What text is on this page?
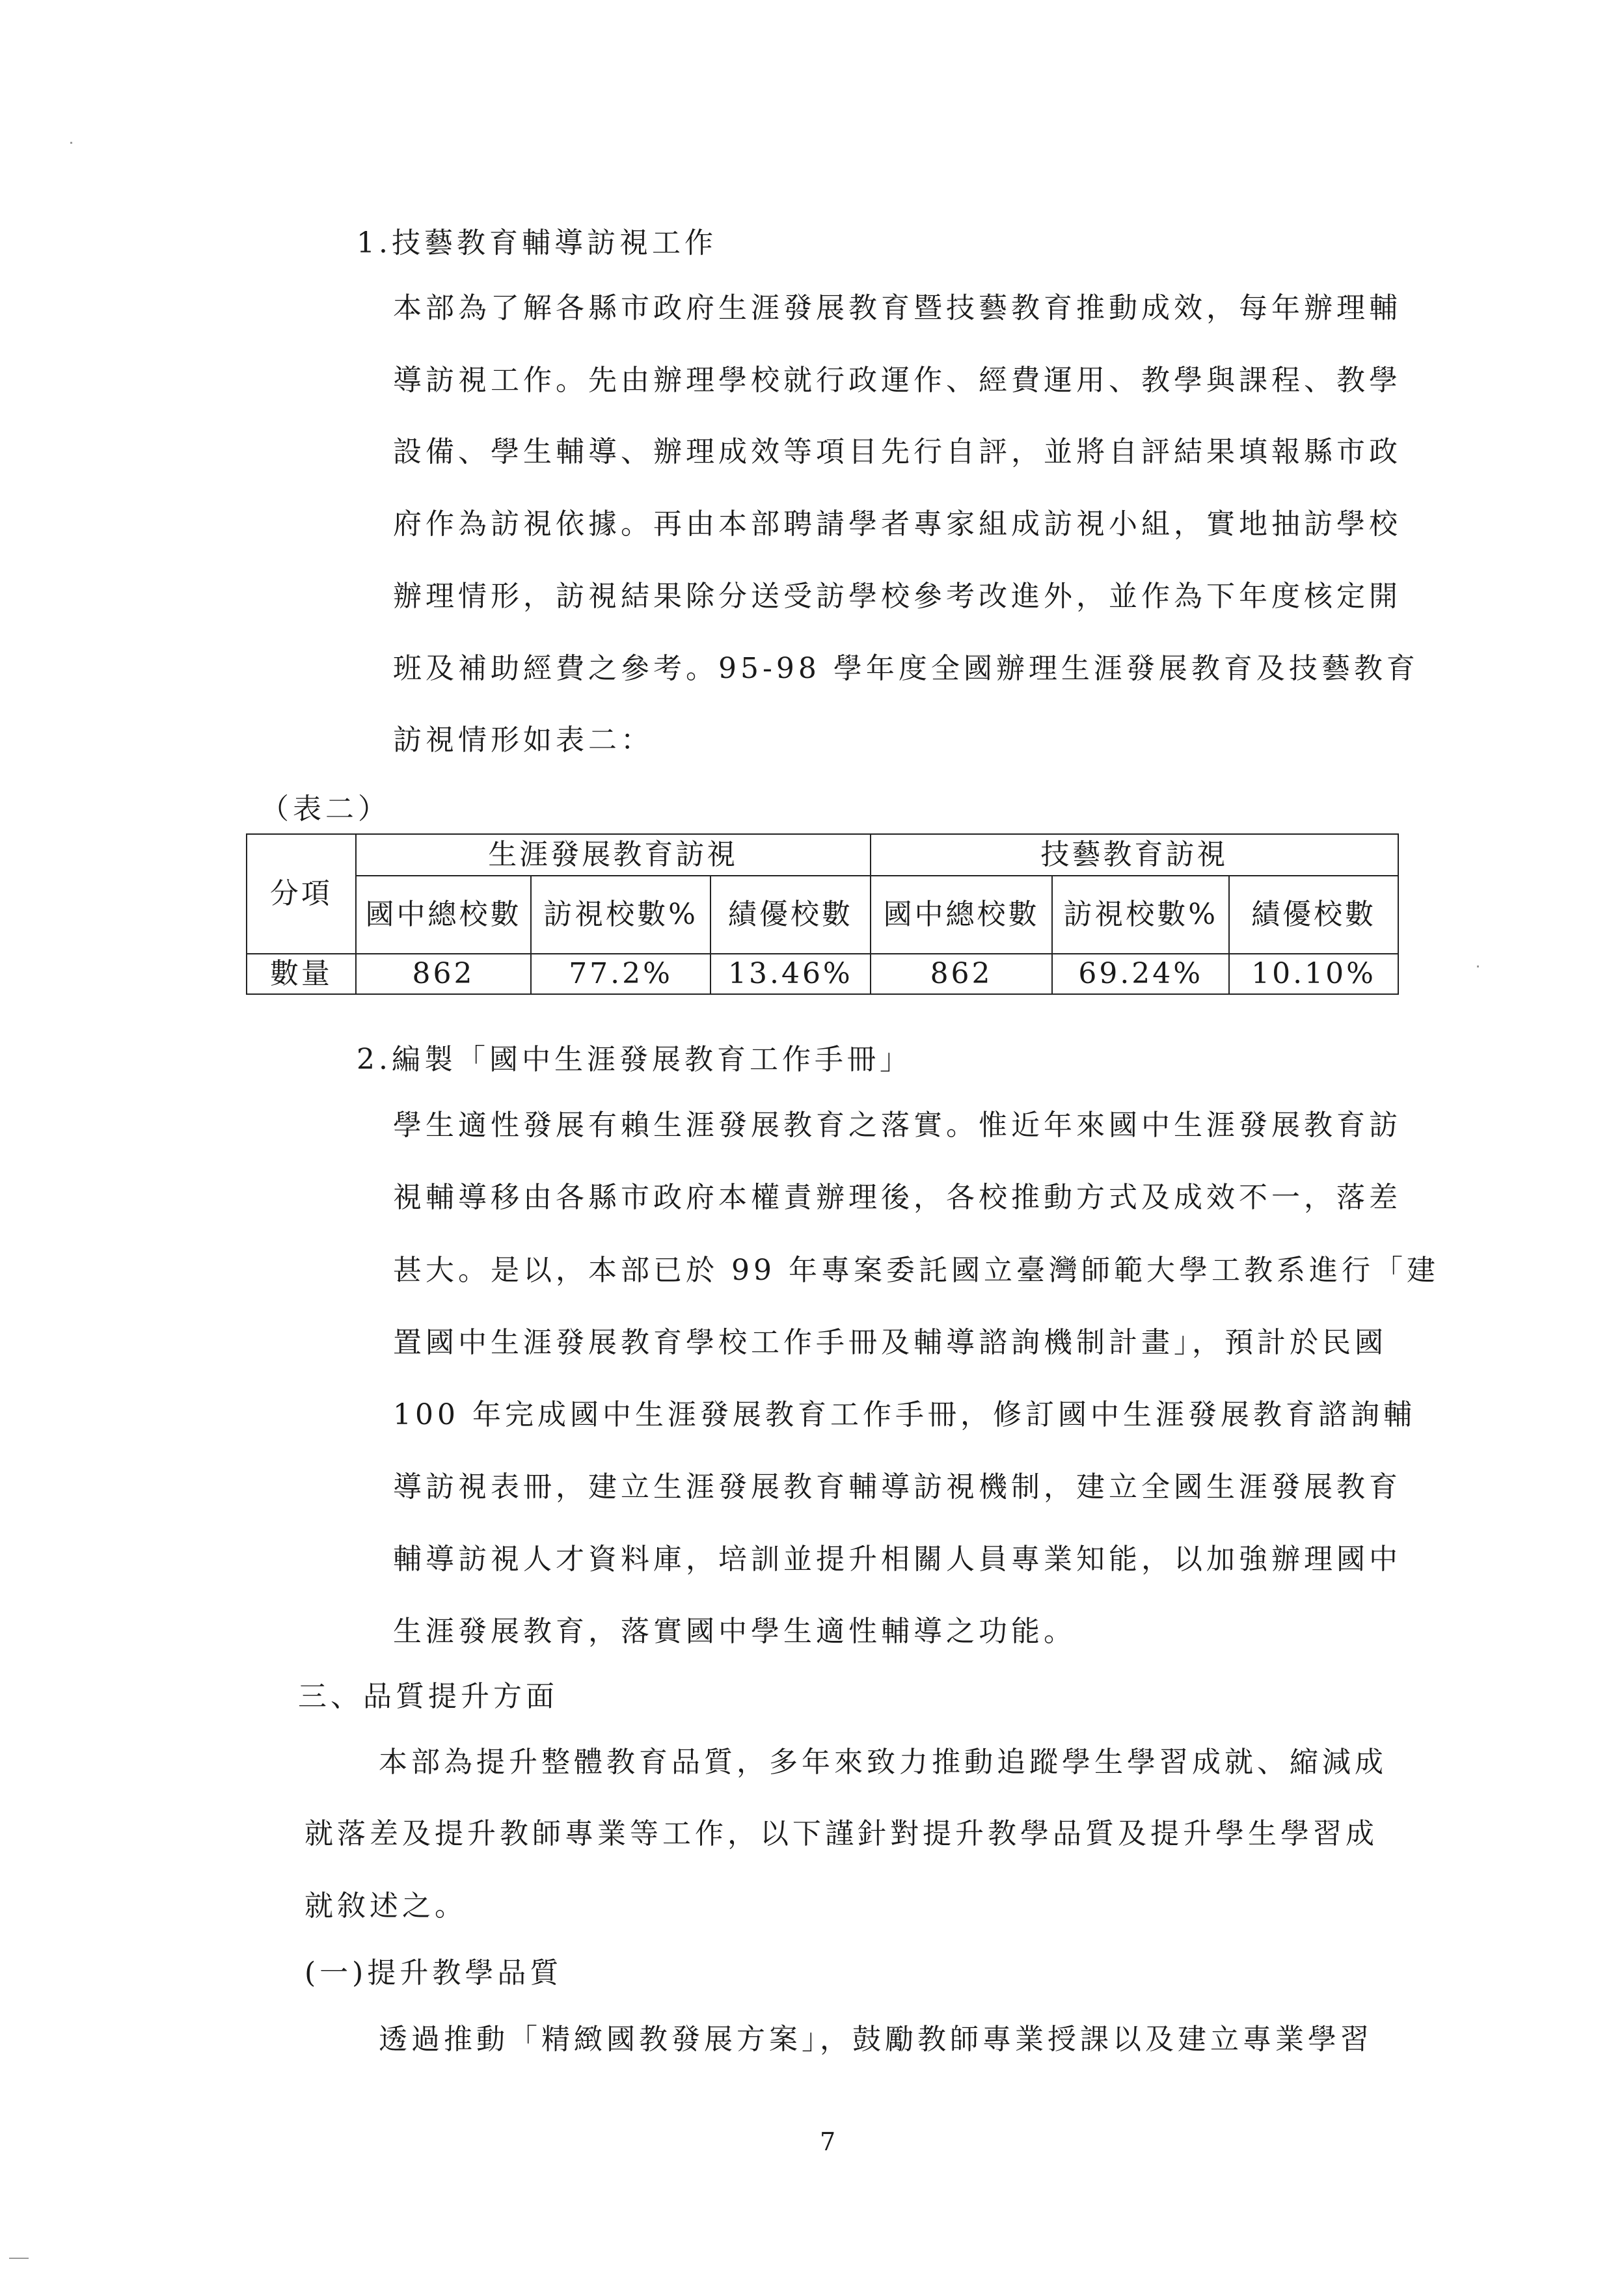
1.技藝教育輔導訪視工作
本部為了解各縣市政府生涯發展教育暨技藝教育推動成效，每年辦理輔
導訪視工作。先由辦理學校就行政運作、經費運用、教學與課程、教學
設備、學生輔導、辦理成效等項目先行自評，並將自評結果填報縣市政
府作為訪視依據。再由本部聘請學者專家組成訪視小組，實地抽訪學校
辦理情形，訪視結果除分送受訪學校參考改進外，並作為下年度核定開
班及補助經費之參考。95-98 學年度全國辦理生涯發展教育及技藝教育
訪視情形如表二：
（表二）
分項	生涯發展教育訪視			技藝教育訪視		
	國中總校數	訪視校數%	績優校數	國中總校數	訪視校數%	績優校數
數量	862	77.2%	13.46%	862	69.24%	10.10%
2.編製「國中生涯發展教育工作手冊」
學生適性發展有賴生涯發展教育之落實。惟近年來國中生涯發展教育訪
視輔導移由各縣市政府本權責辦理後，各校推動方式及成效不一，落差
甚大。是以，本部已於 99 年專案委託國立臺灣師範大學工教系進行「建
置國中生涯發展教育學校工作手冊及輔導諮詢機制計畫」，預計於民國
100 年完成國中生涯發展教育工作手冊，修訂國中生涯發展教育諮詢輔
導訪視表冊，建立生涯發展教育輔導訪視機制，建立全國生涯發展教育
輔導訪視人才資料庫，培訓並提升相關人員專業知能，以加強辦理國中
生涯發展教育，落實國中學生適性輔導之功能。
三、品質提升方面
本部為提升整體教育品質，多年來致力推動追蹤學生學習成就、縮減成
就落差及提升教師專業等工作，以下謹針對提升教學品質及提升學生學習成
就敘述之。
(一)提升教學品質
透過推動「精緻國教發展方案」，鼓勵教師專業授課以及建立專業學習
7
